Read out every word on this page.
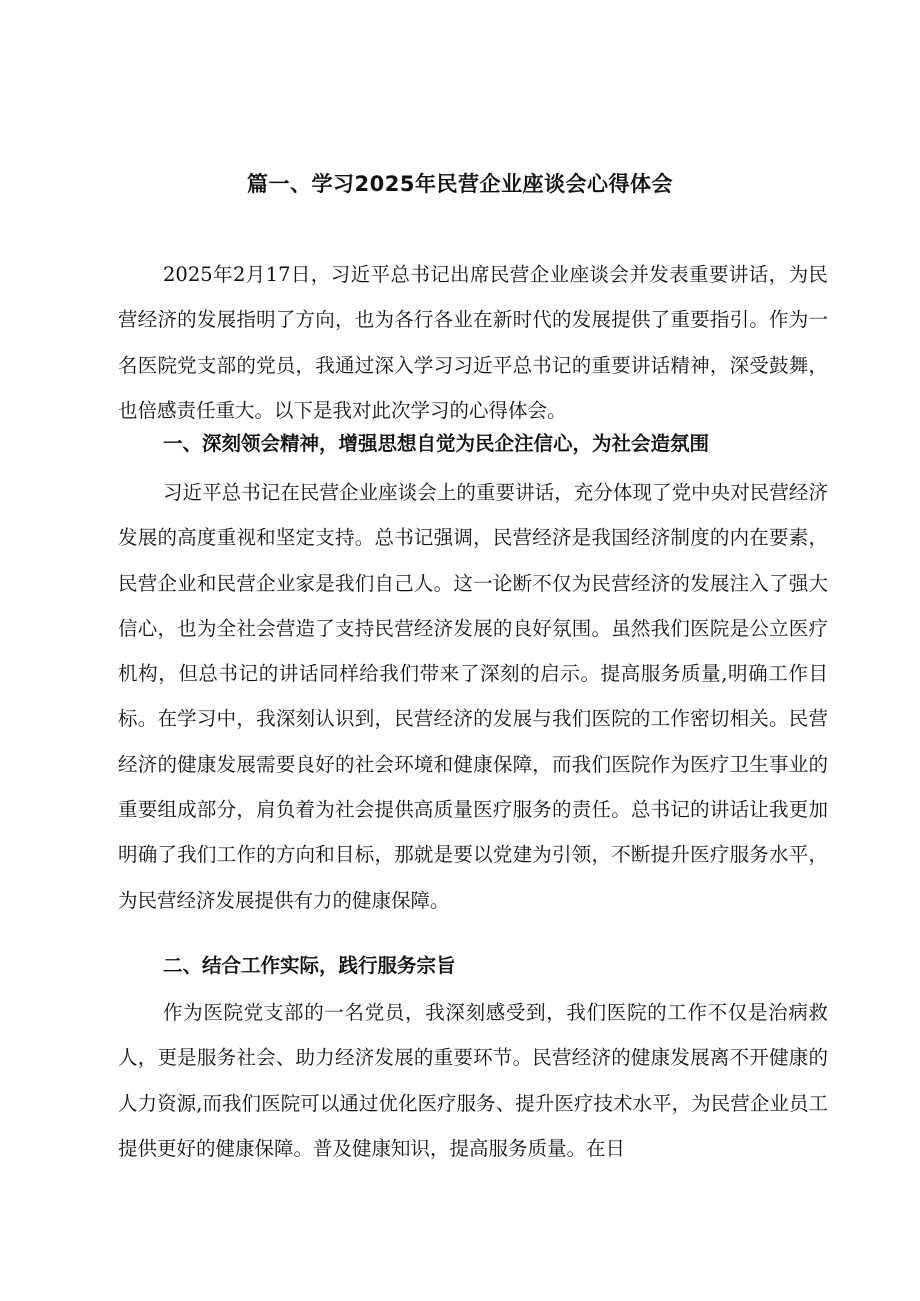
篇一、学习2025年民营企业座谈会心得体会

2025年2月17日，习近平总书记出席民营企业座谈会并发表重要讲话，为民营经济的发展指明了方向，也为各行各业在新时代的发展提供了重要指引。作为一名医院党支部的党员，我通过深入学习习近平总书记的重要讲话精神，深受鼓舞，也倍感责任重大。以下是我对此次学习的心得体会。

一、深刻领会精神，增强思想自觉为民企注信心，为社会造氛围

习近平总书记在民营企业座谈会上的重要讲话，充分体现了党中央对民营经济发展的高度重视和坚定支持。总书记强调，民营经济是我国经济制度的内在要素，民营企业和民营企业家是我们自己人。这一论断不仅为民营经济的发展注入了强大信心，也为全社会营造了支持民营经济发展的良好氛围。虽然我们医院是公立医疗机构，但总书记的讲话同样给我们带来了深刻的启示。提高服务质量,明确工作目标。在学习中，我深刻认识到，民营经济的发展与我们医院的工作密切相关。民营经济的健康发展需要良好的社会环境和健康保障，而我们医院作为医疗卫生事业的重要组成部分，肩负着为社会提供高质量医疗服务的责任。总书记的讲话让我更加明确了我们工作的方向和目标，那就是要以党建为引领，不断提升医疗服务水平，为民营经济发展提供有力的健康保障。

二、结合工作实际，践行服务宗旨

作为医院党支部的一名党员，我深刻感受到，我们医院的工作不仅是治病救人，更是服务社会、助力经济发展的重要环节。民营经济的健康发展离不开健康的人力资源,而我们医院可以通过优化医疗服务、提升医疗技术水平，为民营企业员工提供更好的健康保障。普及健康知识，提高服务质量。在日
